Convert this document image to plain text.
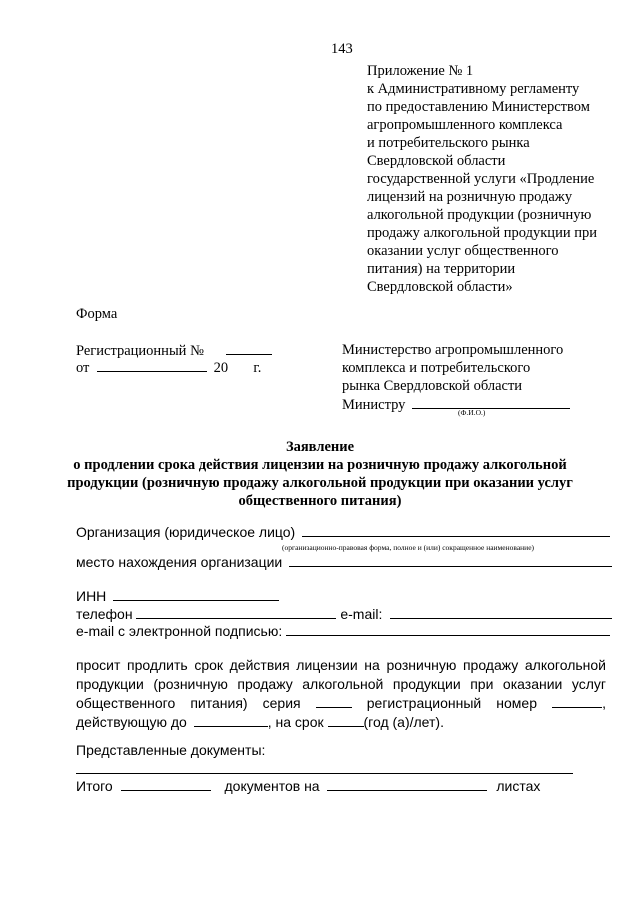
143
Приложение № 1
к Административному регламенту
по предоставлению Министерством
агропромышленного комплекса
и потребительского рынка
Свердловской области
государственной услуги «Продление
лицензий на розничную продажу
алкогольной продукции (розничную
продажу алкогольной продукции при
оказании услуг общественного
питания) на территории
Свердловской области»
Форма
Регистрационный №
от	20 г.
Министерство агропромышленного
комплекса и потребительского
рынка Свердловской области
Министру	(Ф.И.О.)
Заявление
о продлении срока действия лицензии на розничную продажу алкогольной
продукции (розничную продажу алкогольной продукции при оказании услуг
общественного питания)
Организация (юридическое лицо)
(организационно-правовая форма, полное и (или) сокращенное наименование)
место нахождения организации
ИНН
телефон	e-mail:
e-mail с электронной подписью:
просит продлить срок действия лицензии на розничную продажу алкогольной
продукции (розничную продажу алкогольной продукции при оказании услуг
общественного питания) серия	регистрационный номер	,
действующую до	, на срок	(год (а)/лет).
Представленные документы:
Итого	документов на	листах
